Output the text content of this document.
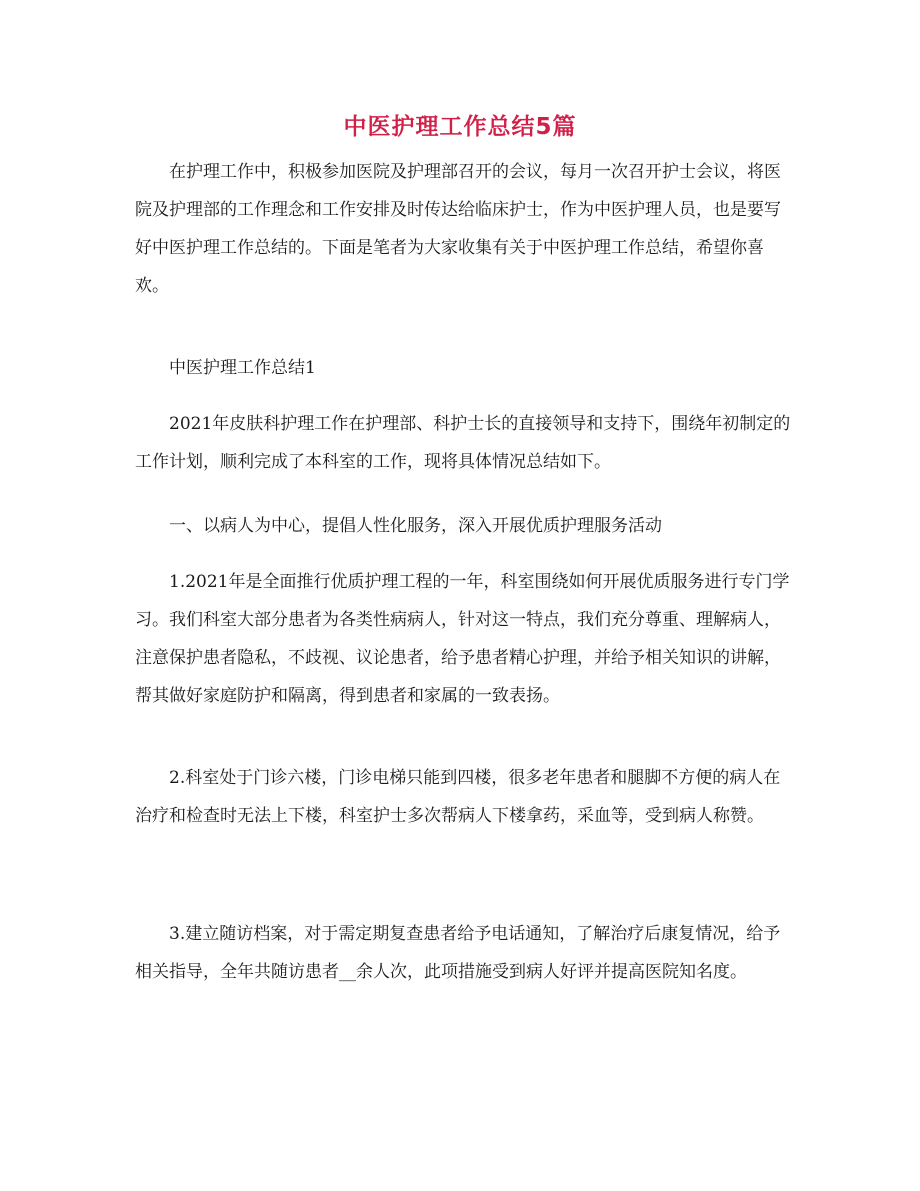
中医护理工作总结5篇

在护理工作中，积极参加医院及护理部召开的会议，每月一次召开护士会议，将医院及护理部的工作理念和工作安排及时传达给临床护士，作为中医护理人员，也是要写好中医护理工作总结的。下面是笔者为大家收集有关于中医护理工作总结，希望你喜欢。

中医护理工作总结1

2021年皮肤科护理工作在护理部、科护士长的直接领导和支持下，围绕年初制定的工作计划，顺利完成了本科室的工作，现将具体情况总结如下。

一、以病人为中心，提倡人性化服务，深入开展优质护理服务活动

1.2021年是全面推行优质护理工程的一年，科室围绕如何开展优质服务进行专门学习。我们科室大部分患者为各类性病病人，针对这一特点，我们充分尊重、理解病人，注意保护患者隐私，不歧视、议论患者，给予患者精心护理，并给予相关知识的讲解，帮其做好家庭防护和隔离，得到患者和家属的一致表扬。

2.科室处于门诊六楼，门诊电梯只能到四楼，很多老年患者和腿脚不方便的病人在治疗和检查时无法上下楼，科室护士多次帮病人下楼拿药，采血等，受到病人称赞。

3.建立随访档案，对于需定期复查患者给予电话通知，了解治疗后康复情况，给予相关指导，全年共随访患者__余人次，此项措施受到病人好评并提高医院知名度。
